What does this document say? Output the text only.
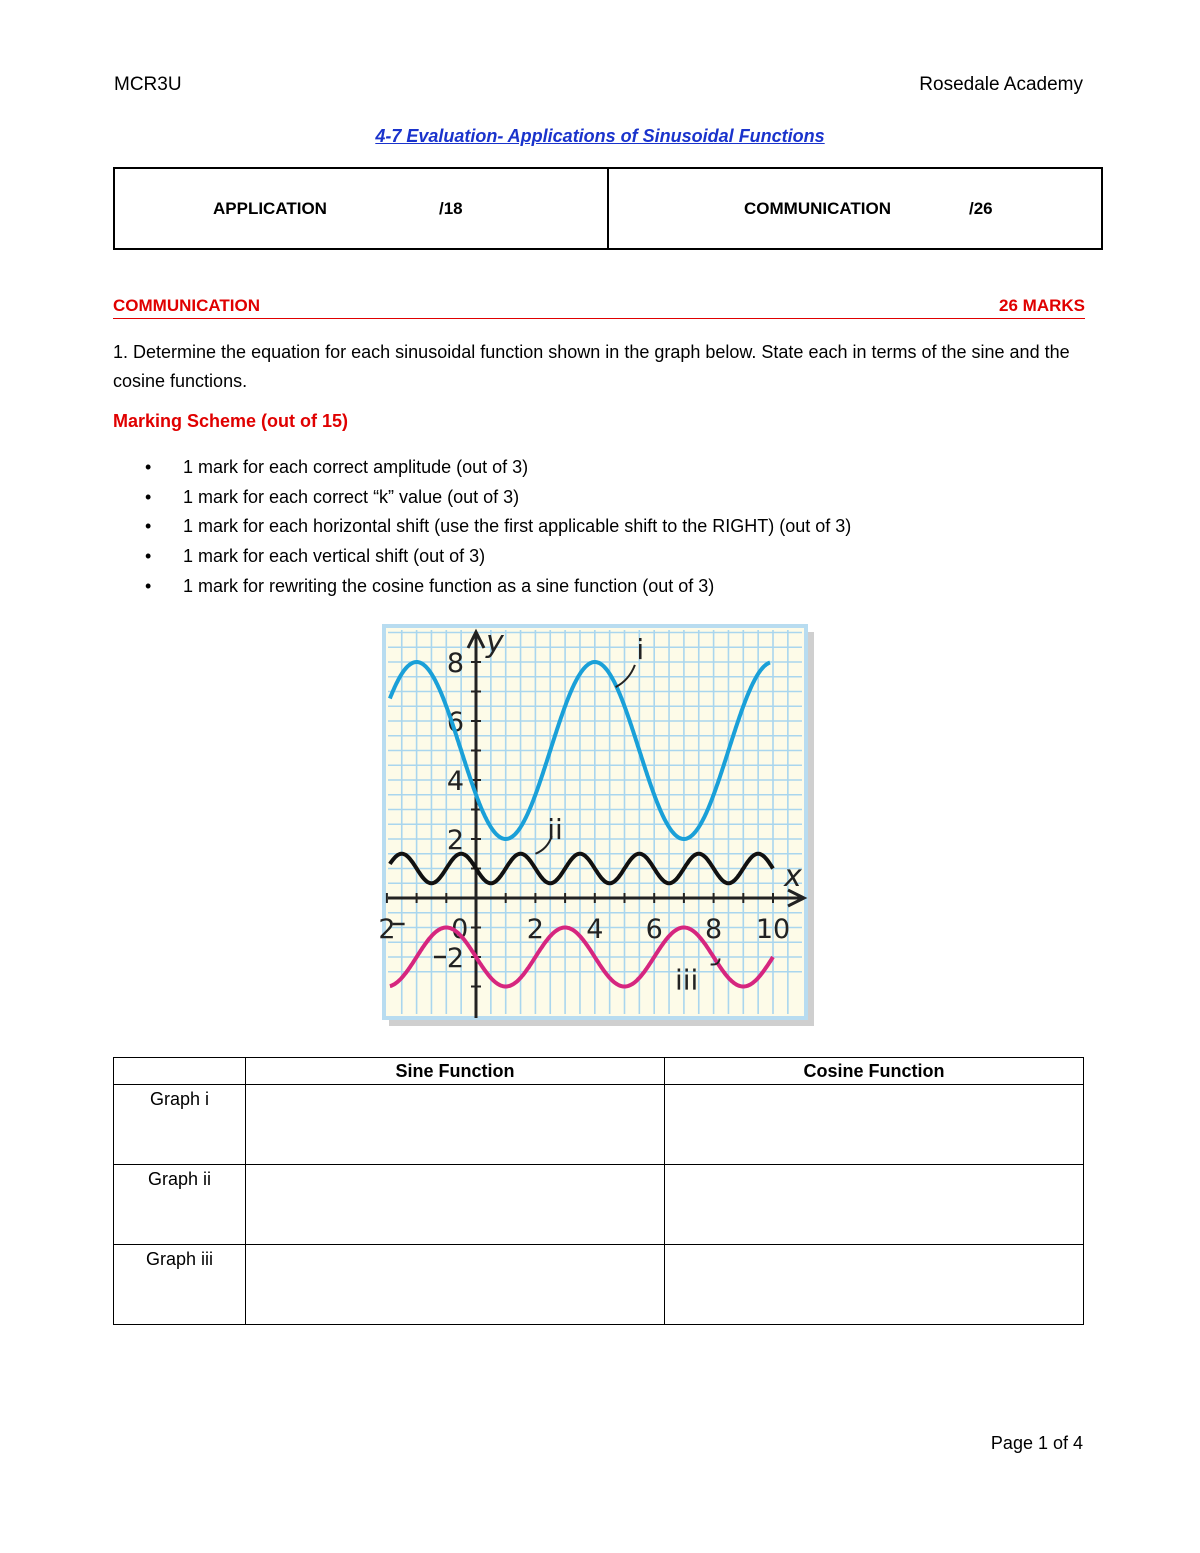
MCR3U	Rosedale Academy
4-7 Evaluation- Applications of Sinusoidal Functions
APPLICATION	/18	COMMUNICATION	/26
COMMUNICATION	26 MARKS
1. Determine the equation for each sinusoidal function shown in the graph below. State each in terms of the sine and the cosine functions.
Marking Scheme (out of 15)
• 1 mark for each correct amplitude (out of 3)
• 1 mark for each correct “k” value (out of 3)
• 1 mark for each horizontal shift (use the first applicable shift to the RIGHT) (out of 3)
• 1 mark for each vertical shift (out of 3)
• 1 mark for rewriting the cosine function as a sine function (out of 3)
2 0 2 4 6 8 10
8
6
4
2
2
x
y	i
ii
iii
	Sine Function	Cosine Function
Graph i		
Graph ii		
Graph iii		
Page 1 of 4
